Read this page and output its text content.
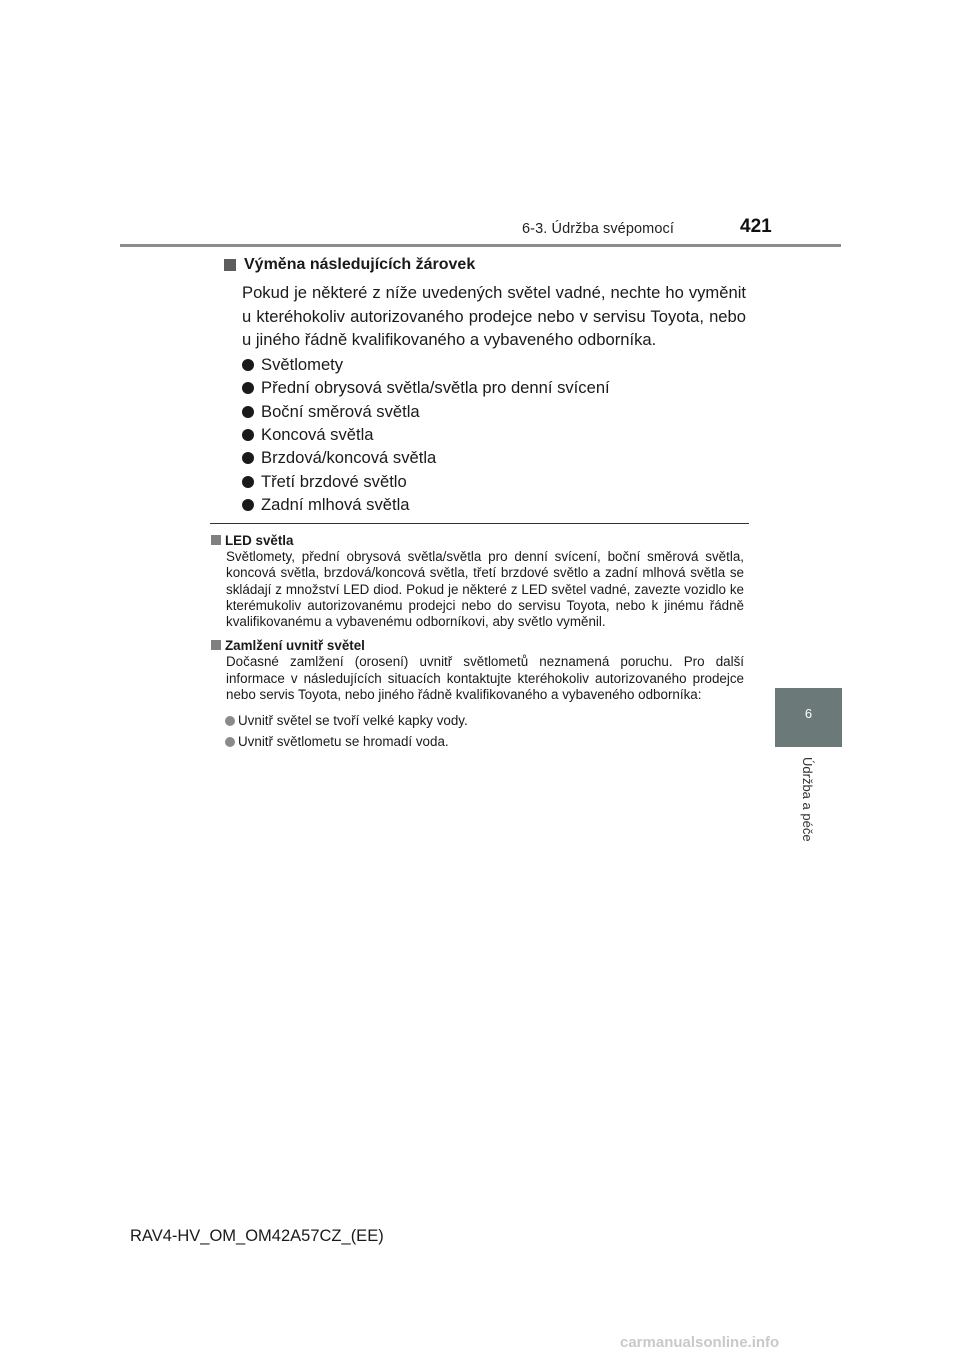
6-3. Údržba svépomocí	421
6
Údržba a péče
Výměna následujících žárovek
Pokud je některé z níže uvedených světel vadné, nechte ho vyměnit u kteréhokoliv autorizovaného prodejce nebo v servisu Toyota, nebo u jiného řádně kvalifikovaného a vybaveného odborníka.
Světlomety
Přední obrysová světla/světla pro denní svícení
Boční směrová světla
Koncová světla
Brzdová/koncová světla
Třetí brzdové světlo
Zadní mlhová světla
LED světla
Světlomety, přední obrysová světla/světla pro denní svícení, boční směrová světla, koncová světla, brzdová/koncová světla, třetí brzdové světlo a zadní mlhová světla se skládají z množství LED diod. Pokud je některé z LED světel vadné, zavezte vozidlo ke kterémukoliv autorizovanému prodejci nebo do servisu Toyota, nebo k jinému řádně kvalifikovanému a vybavenému odborníkovi, aby světlo vyměnil.
Zamlžení uvnitř světel
Dočasné zamlžení (orosení) uvnitř světlometů neznamená poruchu. Pro další informace v následujících situacích kontaktujte kteréhokoliv autorizovaného prodejce nebo servis Toyota, nebo jiného řádně kvalifikovaného a vybaveného odborníka:
Uvnitř světel se tvoří velké kapky vody.
Uvnitř světlometu se hromadí voda.
RAV4-HV_OM_OM42A57CZ_(EE)
carmanualsonline.info
